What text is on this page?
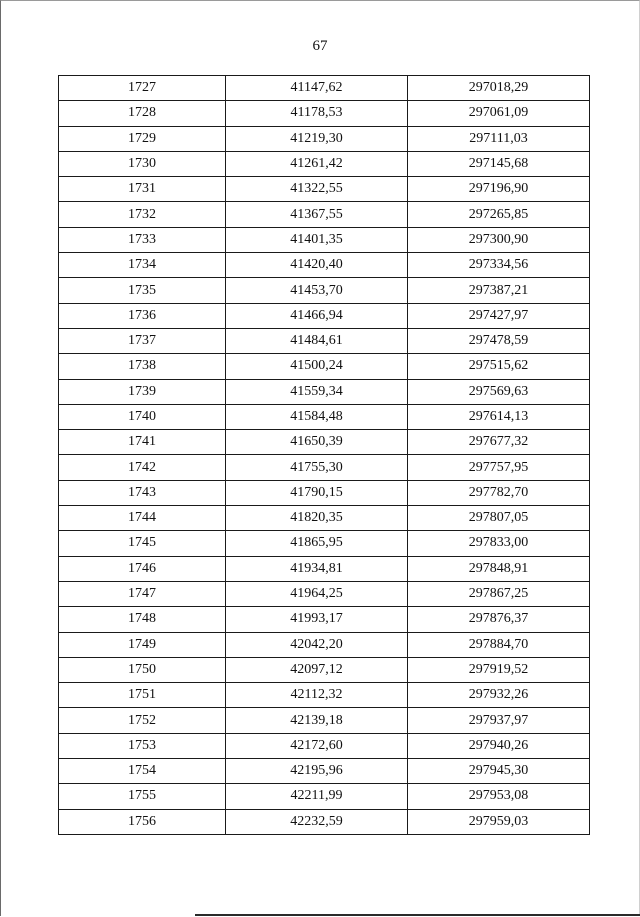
67
1727	41147,62	297018,29
1728	41178,53	297061,09
1729	41219,30	297111,03
1730	41261,42	297145,68
1731	41322,55	297196,90
1732	41367,55	297265,85
1733	41401,35	297300,90
1734	41420,40	297334,56
1735	41453,70	297387,21
1736	41466,94	297427,97
1737	41484,61	297478,59
1738	41500,24	297515,62
1739	41559,34	297569,63
1740	41584,48	297614,13
1741	41650,39	297677,32
1742	41755,30	297757,95
1743	41790,15	297782,70
1744	41820,35	297807,05
1745	41865,95	297833,00
1746	41934,81	297848,91
1747	41964,25	297867,25
1748	41993,17	297876,37
1749	42042,20	297884,70
1750	42097,12	297919,52
1751	42112,32	297932,26
1752	42139,18	297937,97
1753	42172,60	297940,26
1754	42195,96	297945,30
1755	42211,99	297953,08
1756	42232,59	297959,03
